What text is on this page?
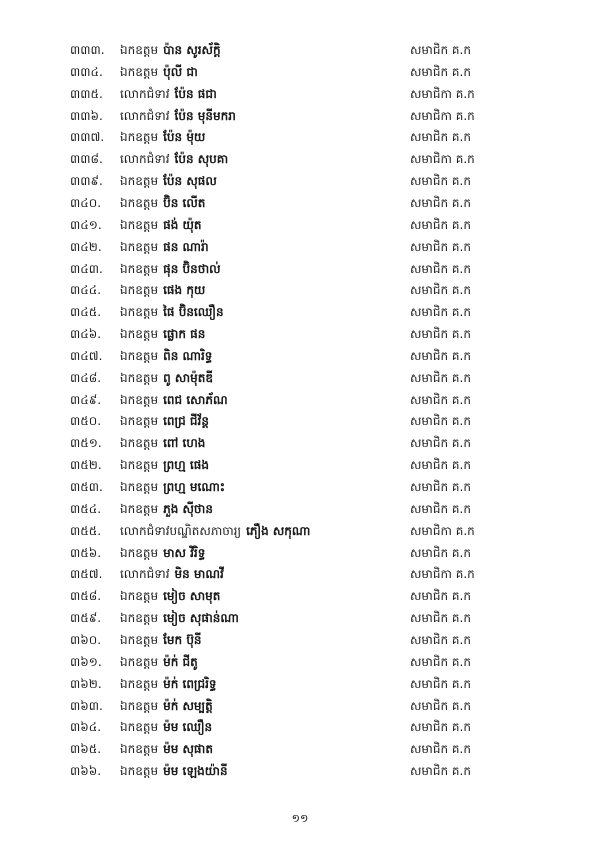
៣៣៣. ឯកឧត្តម ប៉ាន សូរស័ក្តិ	សមាជិក គ.ក
៣៣៤. ឯកឧត្តម ប៉ុលី ជា	សមាជិក គ.ក
៣៣៥. លោកជំទាវ ប៉ែន ផជា	សមាជិកា គ.ក
៣៣៦. លោកជំទាវ ប៉ែន មុនីមករា	សមាជិកា គ.ក
៣៣៧. ឯកឧត្តម ប៉ែន ម៉ុយ	សមាជិក គ.ក
៣៣៨. លោកជំទាវ ប៉ែន សុបគា	សមាជិកា គ.ក
៣៣៩. ឯកឧត្តម ប៉ែន សុផល	សមាជិក គ.ក
៣៤០. ឯកឧត្តម ប៊ិន លើត	សមាជិក គ.ក
៣៤១. ឯកឧត្តម ផង់ យ៉ុត	សមាជិក គ.ក
៣៤២. ឯកឧត្តម ផន ណារ៉ា	សមាជិក គ.ក
៣៤៣. ឯកឧត្តម ផុន ប៊ិនថាល់	សមាជិក គ.ក
៣៤៤. ឯកឧត្តម ផេង កុយ	សមាជិក គ.ក
៣៤៥. ឯកឧត្តម ផៃ ប៊ិនឈឿន	សមាជិក គ.ក
៣៤៦. ឯកឧត្តម ផ្លោក ផន	សមាជិក គ.ក
៣៤៧. ឯកឧត្តម ពិន ណារិទ្ធ	សមាជិក គ.ក
៣៤៨. ឯកឧត្តម ពូ សាម៉ុតឌី	សមាជិក គ.ក
៣៤៩. ឯកឧត្តម ពេជ សោភ័ណ	សមាជិក គ.ក
៣៥០. ឯកឧត្តម ពេជ្រ ជីវ័ន្ត	សមាជិក គ.ក
៣៥១. ឯកឧត្តម ពៅ ហេង	សមាជិក គ.ក
៣៥២. ឯកឧត្តម ព្រហ្ម ផេង	សមាជិក គ.ក
៣៥៣. ឯកឧត្តម ព្រហ្ម មណោះ	សមាជិក គ.ក
៣៥៤. ឯកឧត្តម ភួង ស៊ីថាន	សមាជិក គ.ក
៣៥៥. លោកជំទាវបណ្ឌិតសភាចារ្យ ភឿង សកុណា	សមាជិកា គ.ក
៣៥៦. ឯកឧត្តម មាស វិរិទ្ធ	សមាជិក គ.ក
៣៥៧. លោកជំទាវ មិន មាណវី	សមាជិកា គ.ក
៣៥៨. ឯកឧត្តម មៀច សាមុត	សមាជិក គ.ក
៣៥៩. ឯកឧត្តម មៀច សុផាន់ណា	សមាជិក គ.ក
៣៦០. ឯកឧត្តម មែក ប៊ុនី	សមាជិក គ.ក
៣៦១. ឯកឧត្តម ម៉ក់ ជីតូ	សមាជិក គ.ក
៣៦២. ឯកឧត្តម ម៉ក់ ពេជ្ររិទ្ធ	សមាជិក គ.ក
៣៦៣. ឯកឧត្តម ម៉ក់ សម្បត្តិ	សមាជិក គ.ក
៣៦៤. ឯកឧត្តម ម៉ម ឈឿន	សមាជិក គ.ក
៣៦៥. ឯកឧត្តម ម៉ម សុផាត	សមាជិក គ.ក
៣៦៦. ឯកឧត្តម ម៉ម ឡេងយ៉ានី	សមាជិក គ.ក
១១
